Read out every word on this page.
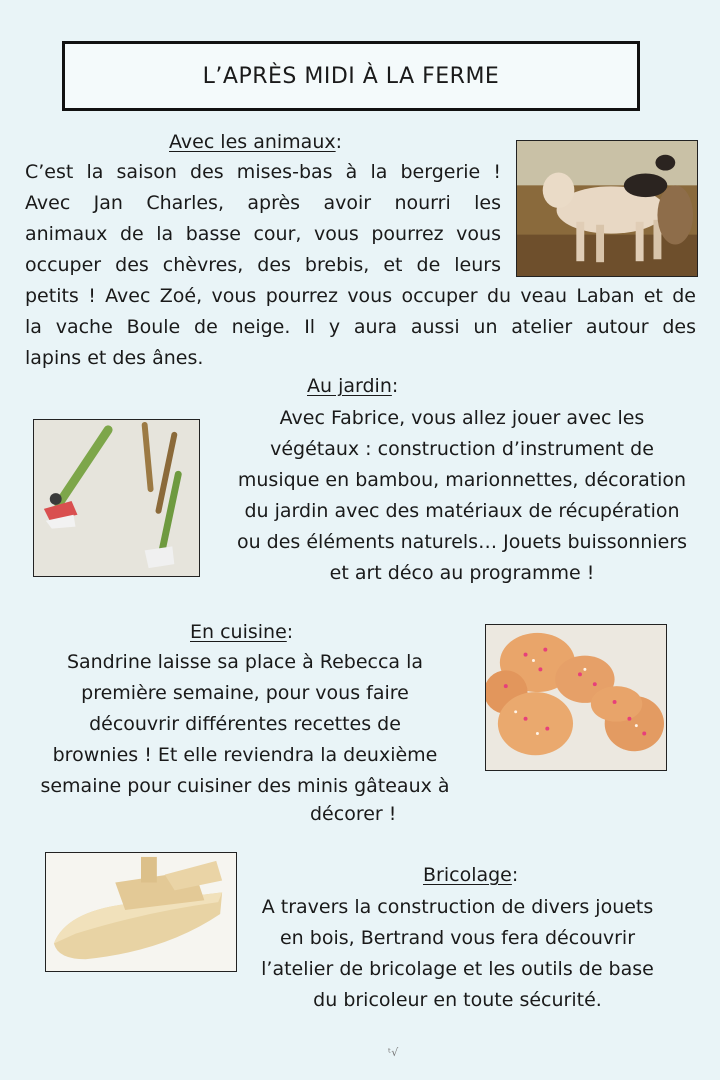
L’APRÈS MIDI À LA FERME
Avec les animaux:
C’est la saison des mises-bas à la bergerie !
Avec Jan Charles, après avoir nourri les
animaux de la basse cour, vous pourrez vous
occuper des chèvres, des brebis, et de leurs
petits ! Avec Zoé, vous pourrez vous occuper du veau Laban et de
la vache Boule de neige. Il y aura aussi un atelier autour des
lapins et des ânes.
Au jardin:
Avec Fabrice, vous allez jouer avec les
végétaux : construction d’instrument de
musique en bambou, marionnettes, décoration
du jardin avec des matériaux de récupération
ou des éléments naturels… Jouets buissonniers
et art déco au programme !
En cuisine:
Sandrine laisse sa place à Rebecca la
première semaine, pour vous faire
découvrir différentes recettes de
brownies ! Et elle reviendra la deuxième
semaine pour cuisiner des minis gâteaux à
décorer !
Bricolage:
A travers la construction de divers jouets
en bois, Bertrand vous fera découvrir
l’atelier de bricolage et les outils de base
du bricoleur en toute sécurité.
ᵗ√
